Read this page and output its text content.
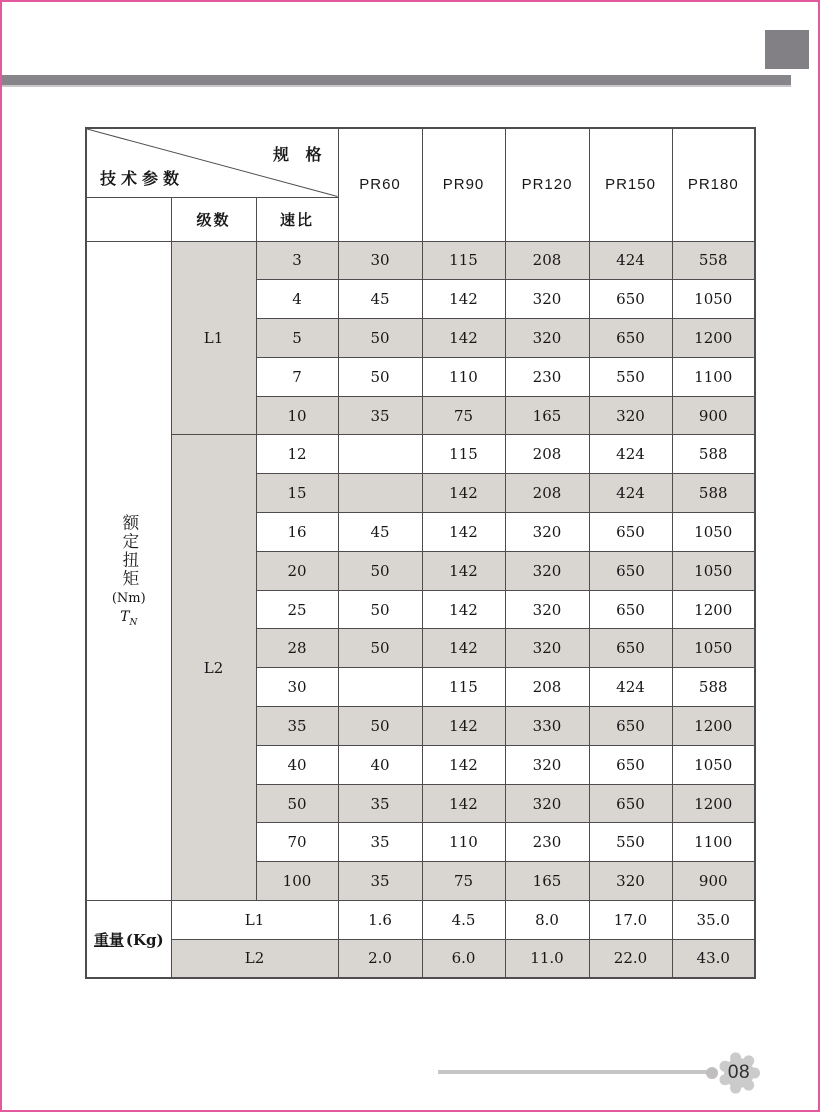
规 格
技术参数			PR60	PR90	PR120	PR150	PR180
	级数	速比					

额定扭矩
(Nm)
$T_N$	L1	3	30	115	208	424	558
		4	45	142	320	650	1050
		5	50	142	320	650	1200
		7	50	110	230	550	1100
		10	35	75	165	320	900
	L2	12		115	208	424	588
		15		142	208	424	588
		16	45	142	320	650	1050
		20	50	142	320	650	1050
		25	50	142	320	650	1200
		28	50	142	320	650	1050
		30		115	208	424	588
		35	50	142	330	650	1200
		40	40	142	320	650	1050
		50	35	142	320	650	1200
		70	35	110	230	550	1100
		100	35	75	165	320	900
重量 (Kg)	L1		1.6	4.5	8.0	17.0	35.0
	L2		2.0	6.0	11.0	22.0	43.0
08
